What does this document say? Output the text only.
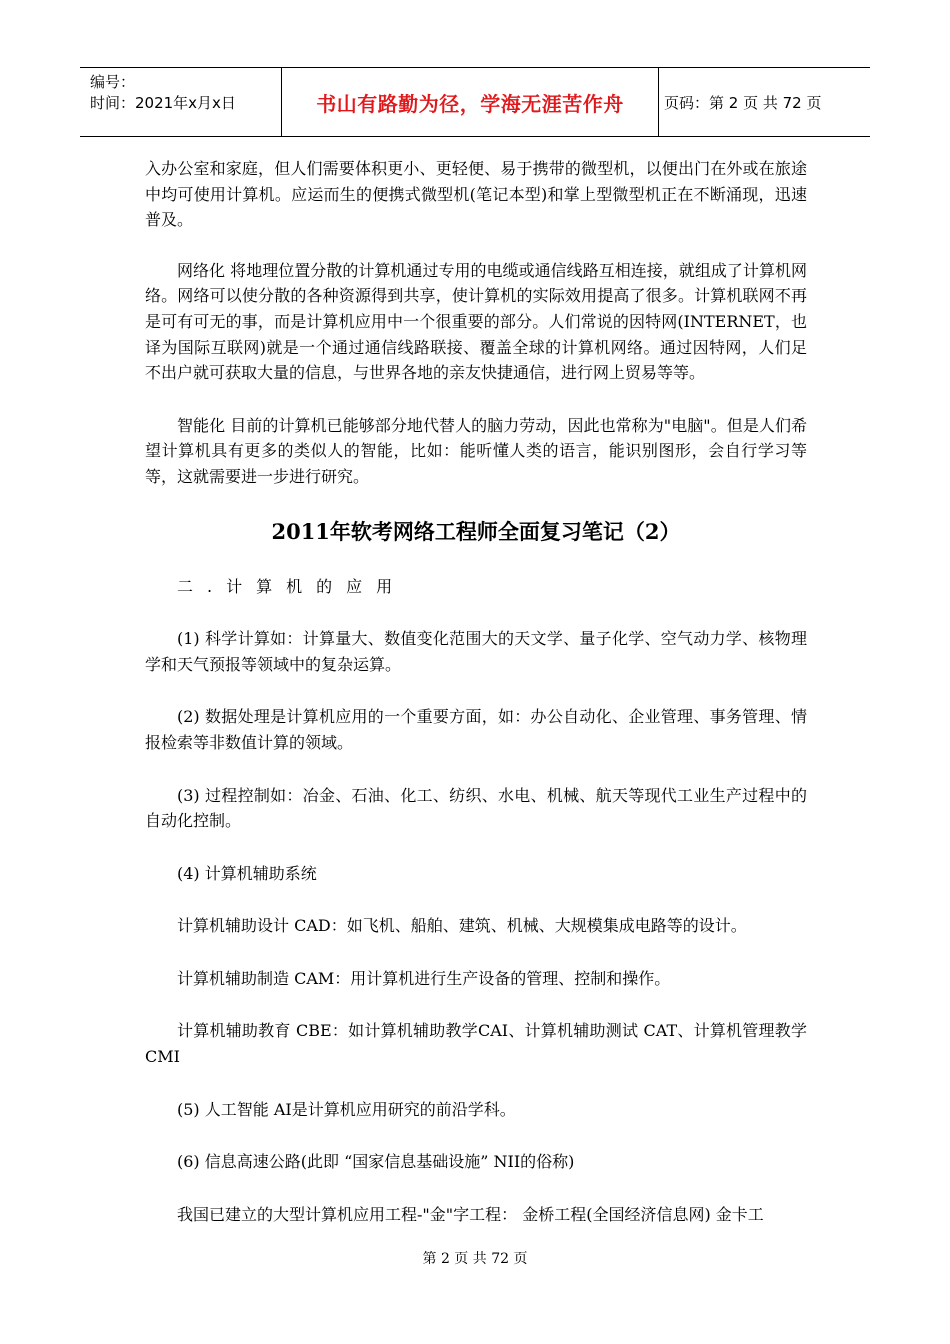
编号：
时间：2021年x月x日	书山有路勤为径，学海无涯苦作舟	页码：第 2 页 共 72 页

入办公室和家庭，但人们需要体积更小、更轻便、易于携带的微型机，以便出门在外或在旅途中均可使用计算机。应运而生的便携式微型机(笔记本型)和掌上型微型机正在不断涌现，迅速普及。

网络化 将地理位置分散的计算机通过专用的电缆或通信线路互相连接，就组成了计算机网络。网络可以使分散的各种资源得到共享，使计算机的实际效用提高了很多。计算机联网不再是可有可无的事，而是计算机应用中一个很重要的部分。人们常说的因特网(INTERNET，也译为国际互联网)就是一个通过通信线路联接、覆盖全球的计算机网络。通过因特网，人们足不出户就可获取大量的信息，与世界各地的亲友快捷通信，进行网上贸易等等。

智能化 目前的计算机已能够部分地代替人的脑力劳动，因此也常称为"电脑"。但是人们希望计算机具有更多的类似人的智能，比如：能听懂人类的语言，能识别图形，会自行学习等等，这就需要进一步进行研究。

2011年软考网络工程师全面复习笔记（2）

二.计算机的应用

(1) 科学计算如：计算量大、数值变化范围大的天文学、量子化学、空气动力学、核物理学和天气预报等领域中的复杂运算。

(2) 数据处理是计算机应用的一个重要方面，如：办公自动化、企业管理、事务管理、情报检索等非数值计算的领域。

(3) 过程控制如：冶金、石油、化工、纺织、水电、机械、航天等现代工业生产过程中的自动化控制。

(4) 计算机辅助系统

计算机辅助设计 CAD：如飞机、船舶、建筑、机械、大规模集成电路等的设计。

计算机辅助制造 CAM：用计算机进行生产设备的管理、控制和操作。

计算机辅助教育 CBE：如计算机辅助教学CAI、计算机辅助测试 CAT、计算机管理教学 CMI

(5) 人工智能 AI是计算机应用研究的前沿学科。

(6) 信息高速公路(此即 “国家信息基础设施” NII的俗称)

我国已建立的大型计算机应用工程-"金"字工程： 金桥工程(全国经济信息网) 金卡工

第 2 页 共 72 页
